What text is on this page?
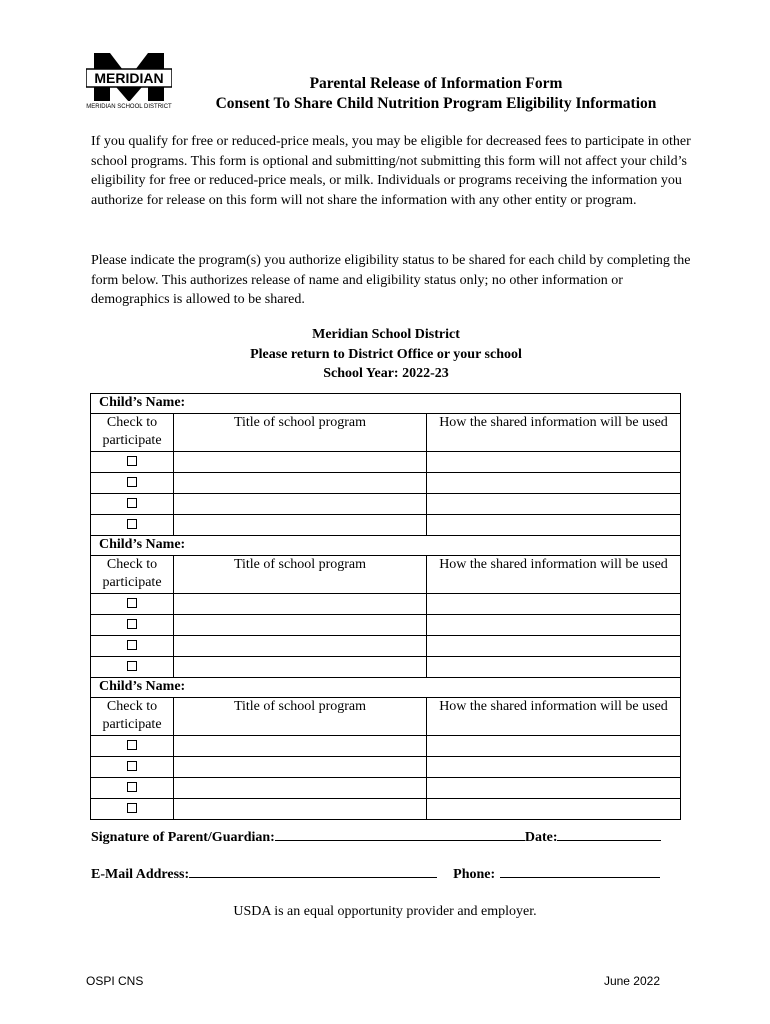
MERIDIAN
MERIDIAN SCHOOL DISTRICT
Parental Release of Information Form
Consent To Share Child Nutrition Program Eligibility Information

If you qualify for free or reduced-price meals, you may be eligible for decreased fees to participate in other school programs. This form is optional and submitting/not submitting this form will not affect your child’s eligibility for free or reduced-price meals, or milk. Individuals or programs receiving the information you authorize for release on this form will not share the information with any other entity or program.

Please indicate the program(s) you authorize eligibility status to be shared for each child by completing the form below. This authorizes release of name and eligibility status only; no other information or demographics is allowed to be shared.

Meridian School District
Please return to District Office or your school
School Year: 2022-23
Child’s Name:		
Check to participate	Title of school program	How the shared information will be used

Child’s Name:		
Check to participate	Title of school program	How the shared information will be used

Child’s Name:		
Check to participate	Title of school program	How the shared information will be used

Signature of Parent/Guardian:	Date:
E-Mail Address:	Phone:
USDA is an equal opportunity provider and employer.
OSPI CNS	June 2022
